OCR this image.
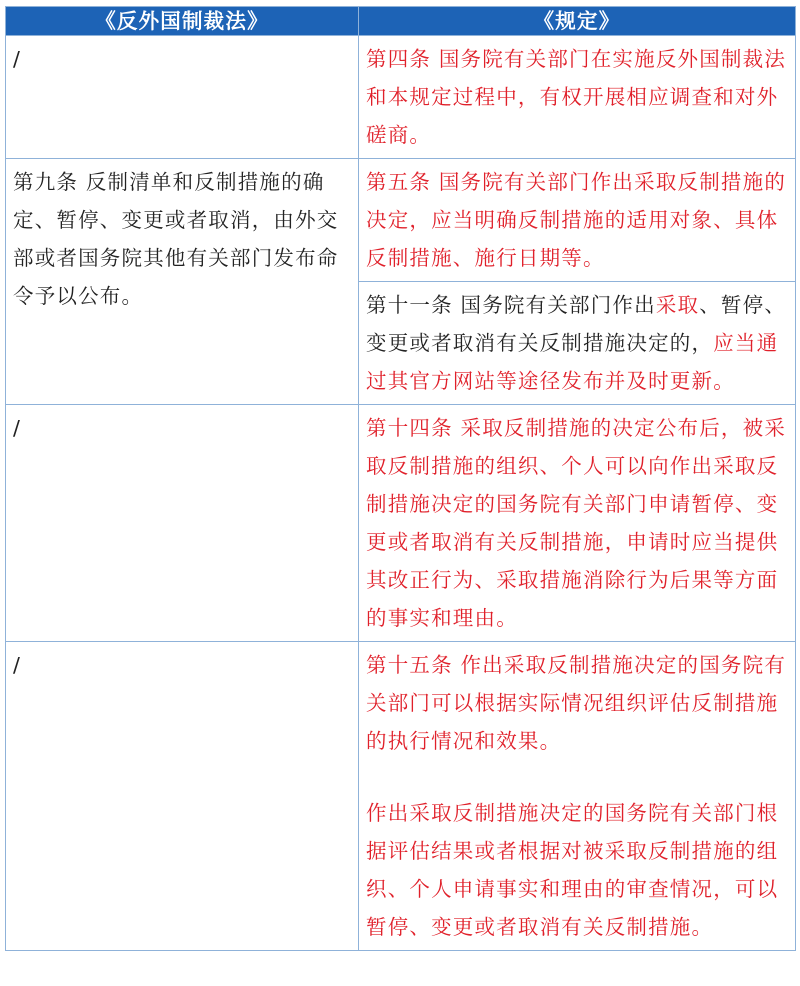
《反外国制裁法》	《规定》
/	第四条 国务院有关部门在实施反外国制裁法和本规定过程中，有权开展相应调查和对外磋商。
第九条 反制清单和反制措施的确定、暂停、变更或者取消，由外交部或者国务院其他有关部门发布命令予以公布。	第五条 国务院有关部门作出采取反制措施的决定，应当明确反制措施的适用对象、具体反制措施、施行日期等。
	第十一条 国务院有关部门作出采取、暂停、变更或者取消有关反制措施决定的，应当通过其官方网站等途径发布并及时更新。
/	第十四条 采取反制措施的决定公布后，被采取反制措施的组织、个人可以向作出采取反制措施决定的国务院有关部门申请暂停、变更或者取消有关反制措施，申请时应当提供其改正行为、采取措施消除行为后果等方面的事实和理由。
/	第十五条 作出采取反制措施决定的国务院有关部门可以根据实际情况组织评估反制措施的执行情况和效果。
作出采取反制措施决定的国务院有关部门根据评估结果或者根据对被采取反制措施的组织、个人申请事实和理由的审查情况，可以暂停、变更或者取消有关反制措施。
